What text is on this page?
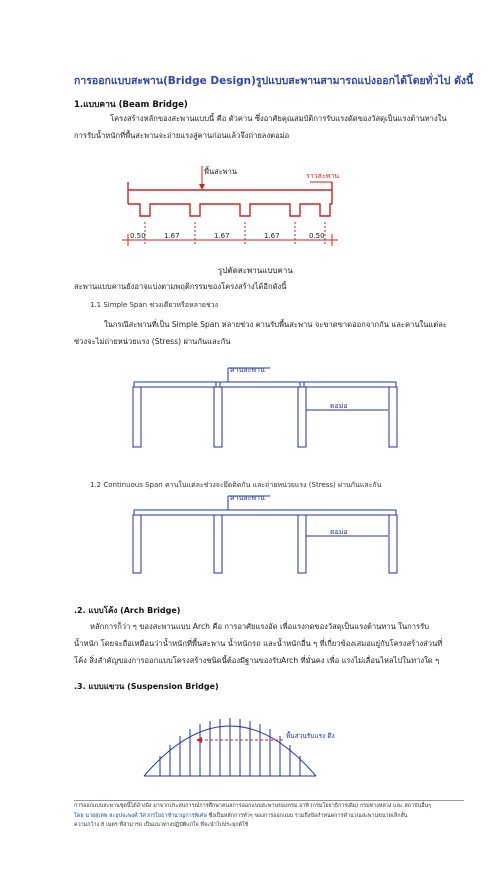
การออกแบบสะพาน(Bridge Design)รูปแบบสะพานสามารถแบ่งออกได้โดยทั่วไป ดังนี้
1.แบบคาน (Beam Bridge)
โครงสร้างหลักของสะพานแบบนี้ คือ ตัวคาน ซึ่งอาศัยคุณสมบัติการรับแรงดัดของวัสดุเป็นแรงต้านทางใน
การรับน้ำหนักที่พื้นสะพานจะถ่ายแรงสู่คานก่อนแล้วจึงถ่ายลงตอม่อ
พื้นสะพาน	ราวสะพาน
0.50	1.67	1.67	1.67	0.50
รูปตัดสะพานแบบคาน
สะพานแบบคานยังอาจแบ่งตามพฤติกรรมของโครงสร้างได้อีกดังนี้
1.1 Simple Span ช่วงเดียวหรือหลายช่วง
ในกรณีสะพานที่เป็น Simple Span หลายช่วง คานรับพื้นสะพาน จะขาดขาดออกจากกัน และคานในแต่ละ
ช่วงจะไม่ถ่ายหน่วยแรง (Stress) ผ่านกันและกัน
คานสะพาน
ตอม่อ
1.2 Continuous Span คานในแต่ละช่วงจะยึดติดกัน และถ่ายหน่วยแรง (Stress) ผ่านกันและกัน
คานสะพาน
ตอม่อ
.2. แบบโค้ง (Arch Bridge)
หลักการก็ว่า ๆ ของสะพานแบบ Arch คือ การอาศัยแรงอัด เพื่อแรงกดของวัสดุเป็นแรงต้านทาน ในการรับ
น้ำหนัก โดยจะถือเหมือนว่าน้ำหนักที่พื้นสะพาน น้ำหนักรถ และน้ำหนักอื่น ๆ ที่เกี่ยวข้องเสมอแยู่กับโครงสร้างส่วนที่
โค้ง สิ่งสำคัญของการออกแบบโครงสร้างชนิดนี้ต้องมีฐานของรับArch ที่มั่นคง เพื่อ แรงไม่เลื่อนไหลไปในทางใด ๆ
.3. แบบแขวน (Suspension Bridge)
พื้นส่วนรับแรง ดึง
การออกแบบสะพานชุดนี้ได้อ้างอิง มาจากประสบการณ์การศึกษาคนลการออกแบบสะพานของกรม อาทิ (กรมโยธาธิการเดิม) กรมทางหลวง และ สถาบันอื่นๆ
โดย นายสุเทพ ละอุปจะพงศ์ วิศวกรโยธาชำนาญการพิเศษ ซึ่งเป็นหลักการทั่วๆ ของการออกแบบ รวมถึงข้อกำหนดการคำนวณสะพานขนาดเล็กสั้น
ความกว้าง 8 เมตร ที่สามารถ เป็นแนวทางปฏิบัติแก่ใจ ที่จะนำไปประยุกต์ใช้
